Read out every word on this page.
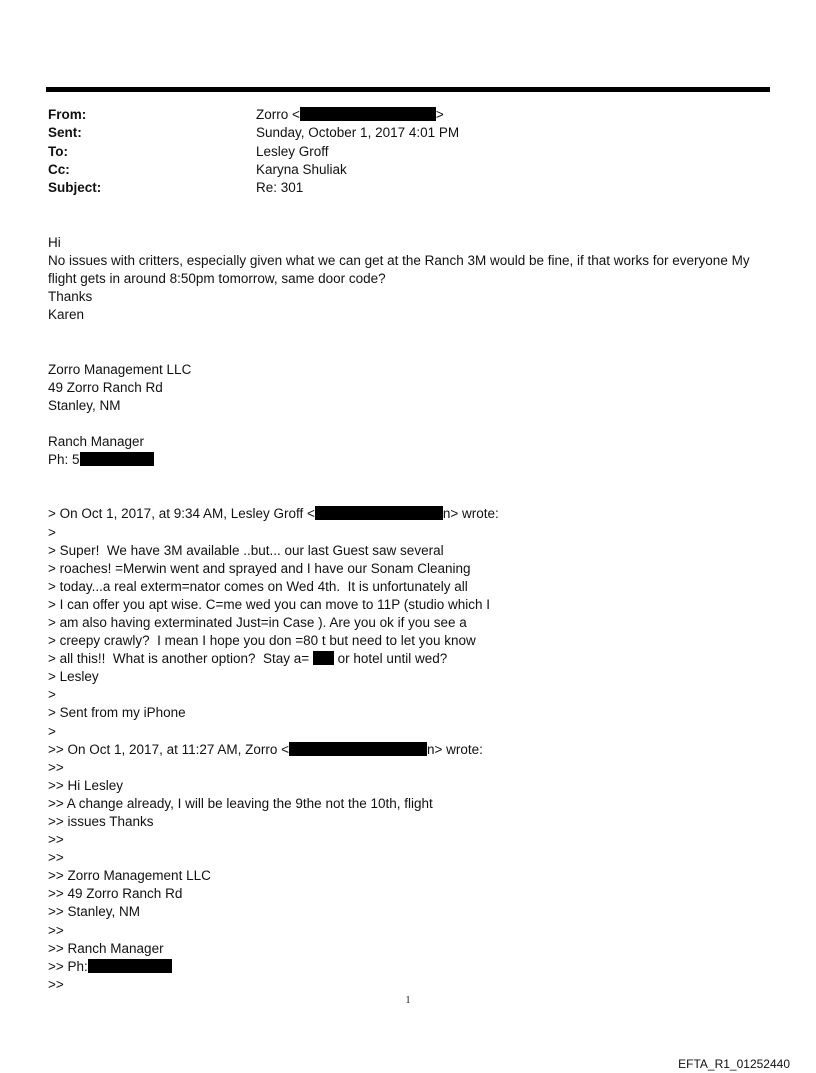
From:	Zorro <	>
Sent:	Sunday, October 1, 2017 4:01 PM
To:	Lesley Groff
Cc:	Karyna Shuliak
Subject:	Re: 301
Hi
No issues with critters, especially given what we can get at the Ranch 3M would be fine, if that works for everyone My
flight gets in around 8:50pm tomorrow, same door code?
Thanks
Karen
Zorro Management LLC
49 Zorro Ranch Rd
Stanley, NM
Ranch Manager
Ph: 5
> On Oct 1, 2017, at 9:34 AM, Lesley Groff <	n> wrote:
>
> Super!  We have 3M available ..but... our last Guest saw several
> roaches! =Merwin went and sprayed and I have our Sonam Cleaning
> today...a real exterm=nator comes on Wed 4th.  It is unfortunately all
> I can offer you apt wise. C=me wed you can move to 11P (studio which I
> am also having exterminated Just=in Case ). Are you ok if you see a
> creepy crawly?  I mean I hope you don =80 t but need to let you know
> all this!!  What is another option?  Stay a=  or hotel until wed?
> Lesley
>
> Sent from my iPhone
>
>> On Oct 1, 2017, at 11:27 AM, Zorro <	n> wrote:
>>
>> Hi Lesley
>> A change already, I will be leaving the 9the not the 10th, flight
>> issues Thanks
>>
>>
>> Zorro Management LLC
>> 49 Zorro Ranch Rd
>> Stanley, NM
>>
>> Ranch Manager
>> Ph:
>>
1
EFTA_R1_01252440
